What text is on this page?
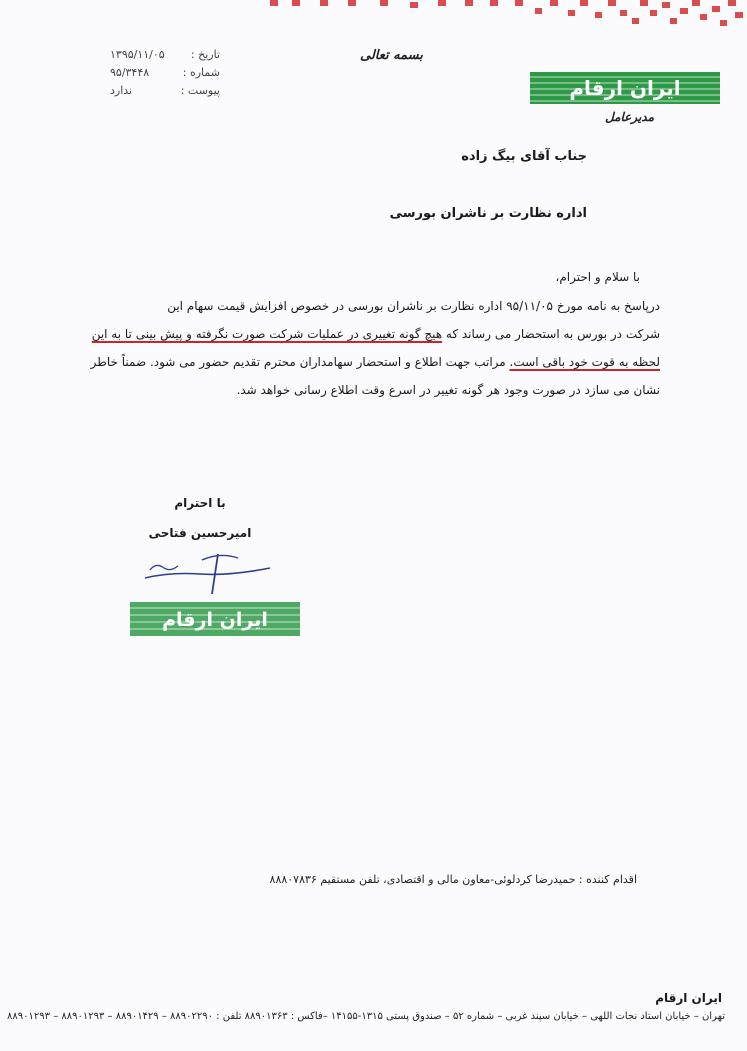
تاریخ :
۱۳۹۵/۱۱/۰۵
شماره :
۹۵/۳۴۴۸
پیوست :
ندارد
بسمه تعالی
ایران ارقام
مدیرعامل
جناب آقای بیگ زاده
اداره نظارت بر ناشران بورسی
با سلام و احترام،
درپاسخ به نامه مورخ ۹۵/۱۱/۰۵ اداره نظارت بر ناشران بورسی در خصوص افزایش قیمت سهام این
شرکت در بورس به استحضار می رساند که هیچ گونه تغییری در عملیات شرکت صورت نگرفته و پیش بینی تا به این
لحظه به قوت خود باقی است. مراتب جهت اطلاع و استحضار سهامداران محترم تقدیم حضور می شود. ضمناً خاطر
نشان می سازد در صورت وجود هر گونه تغییر در اسرع وقت اطلاع رسانی خواهد شد.
با احترام
امیرحسین فتاحی
ایران ارقام
اقدام کننده : حمیدرضا کردلوئی-معاون مالی و اقتصادی، تلفن مستقیم ۸۸۸۰۷۸۳۶
ایران ارقام
تهران – خیابان استاد نجات اللهی – خیابان سپند غربی – شماره ۵۲ – صندوق پستی ۱۳۱۵-۱۴۱۵۵ –فاکس : ۸۸۹۰۱۳۶۳ تلفن : ۸۸۹۰۲۲۹۰ – ۸۸۹۰۱۴۲۹ – ۸۸۹۰۱۲۹۳ – ۸۸۹۰۱۲۹۳
